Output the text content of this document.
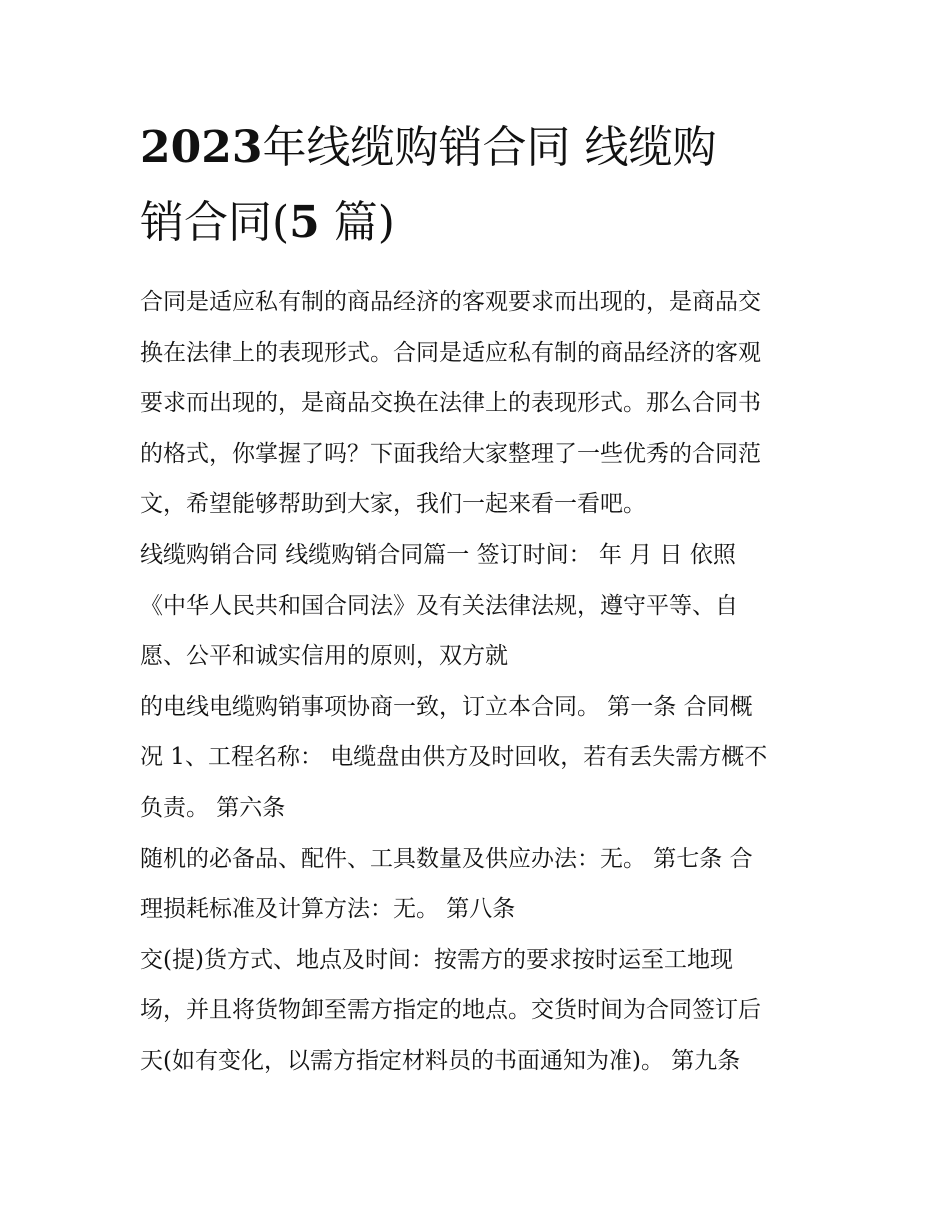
2023年线缆购销合同 线缆购
销合同(5 篇)
合同是适应私有制的商品经济的客观要求而出现的，是商品交
换在法律上的表现形式。合同是适应私有制的商品经济的客观
要求而出现的，是商品交换在法律上的表现形式。那么合同书
的格式，你掌握了吗？下面我给大家整理了一些优秀的合同范
文，希望能够帮助到大家，我们一起来看一看吧。
线缆购销合同 线缆购销合同篇一 签订时间： 年 月 日 依照
《中华人民共和国合同法》及有关法律法规，遵守平等、自
愿、公平和诚实信用的原则，双方就
的电线电缆购销事项协商一致，订立本合同。 第一条 合同概
况 1、工程名称： 电缆盘由供方及时回收，若有丢失需方概不
负责。 第六条
随机的必备品、配件、工具数量及供应办法：无。 第七条 合
理损耗标准及计算方法：无。 第八条
交(提)货方式、地点及时间：按需方的要求按时运至工地现
场，并且将货物卸至需方指定的地点。交货时间为合同签订后
天(如有变化，以需方指定材料员的书面通知为准)。 第九条
